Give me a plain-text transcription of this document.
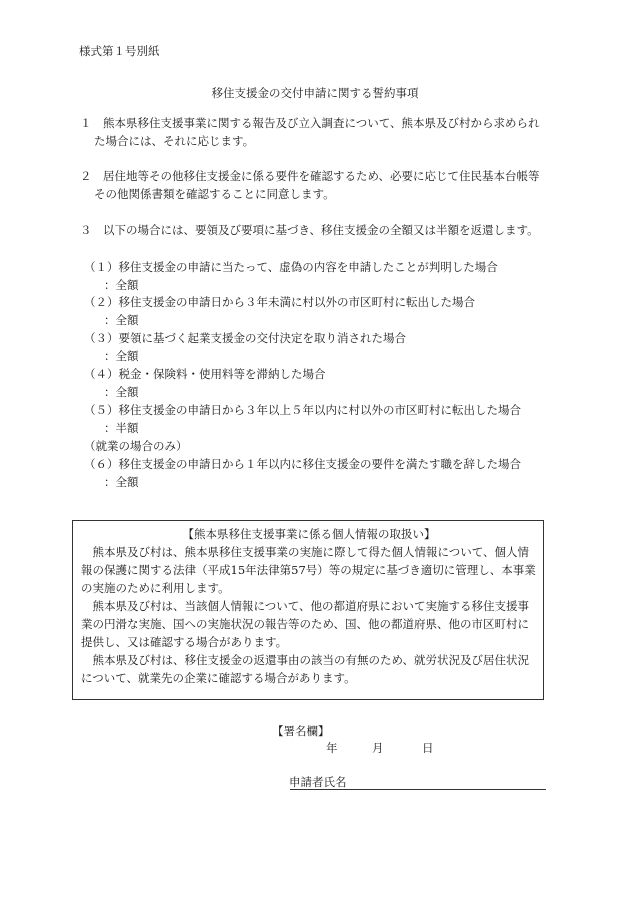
様式第１号別紙
移住支援金の交付申請に関する誓約事項
１　熊本県移住支援事業に関する報告及び立入調査について、熊本県及び村から求められ
た場合には、それに応じます。
２　居住地等その他移住支援金に係る要件を確認するため、必要に応じて住民基本台帳等
その他関係書類を確認することに同意します。
３　以下の場合には、要領及び要項に基づき、移住支援金の全額又は半額を返還します。
（１）移住支援金の申請に当たって、虚偽の内容を申請したことが判明した場合
：全額
（２）移住支援金の申請日から３年未満に村以外の市区町村に転出した場合
：全額
（３）要領に基づく起業支援金の交付決定を取り消された場合
：全額
（４）税金・保険料・使用料等を滞納した場合
：全額
（５）移住支援金の申請日から３年以上５年以内に村以外の市区町村に転出した場合
：半額
（就業の場合のみ）
（６）移住支援金の申請日から１年以内に移住支援金の要件を満たす職を辞した場合
：全額
【熊本県移住支援事業に係る個人情報の取扱い】
　熊本県及び村は、熊本県移住支援事業の実施に際して得た個人情報について、個人情
報の保護に関する法律（平成15年法律第57号）等の規定に基づき適切に管理し、本事業
の実施のために利用します。
　熊本県及び村は、当該個人情報について、他の都道府県において実施する移住支援事
業の円滑な実施、国への実施状況の報告等のため、国、他の都道府県、他の市区町村に
提供し、又は確認する場合があります。
　熊本県及び村は、移住支援金の返還事由の該当の有無のため、就労状況及び居住状況
について、就業先の企業に確認する場合があります。
【署名欄】
年	月	日
申請者氏名
